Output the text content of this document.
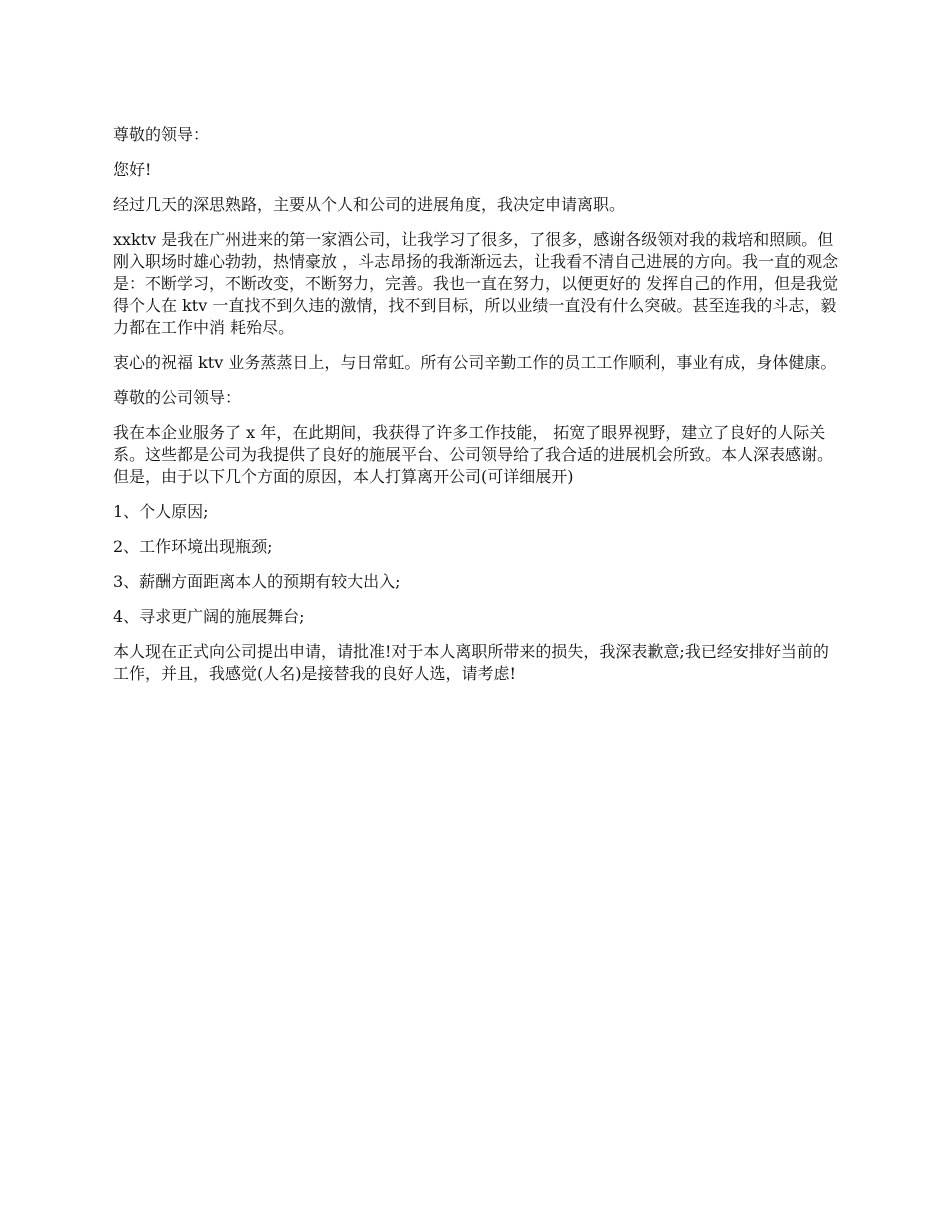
尊敬的领导：

您好!

经过几天的深思熟路，主要从个人和公司的进展角度，我决定申请离职。

xxktv 是我在广州进来的第一家酒公司，让我学习了很多，了很多，感谢各级领对我的栽培和照顾。但刚入职场时雄心勃勃，热情豪放 ，斗志昂扬的我渐渐远去，让我看不清自己进展的方向。我一直的观念是：不断学习，不断改变，不断努力，完善。我也一直在努力，以便更好的 发挥自己的作用，但是我觉得个人在 ktv 一直找不到久违的激情，找不到目标，所以业绩一直没有什么突破。甚至连我的斗志，毅力都在工作中消 耗殆尽。

衷心的祝福 ktv 业务蒸蒸日上，与日常虹。所有公司辛勤工作的员工工作顺利，事业有成，身体健康。

尊敬的公司领导：

我在本企业服务了 x 年，在此期间，我获得了许多工作技能， 拓宽了眼界视野，建立了良好的人际关系。这些都是公司为我提供了良好的施展平台、公司领导给了我合适的进展机会所致。本人深表感谢。 但是，由于以下几个方面的原因，本人打算离开公司(可详细展开)

1、个人原因;

2、工作环境出现瓶颈;

3、薪酬方面距离本人的预期有较大出入;

4、寻求更广阔的施展舞台;

本人现在正式向公司提出申请，请批准!对于本人离职所带来的损失，我深表歉意;我已经安排好当前的工作，并且，我感觉(人名)是接替我的良好人选，请考虑!
